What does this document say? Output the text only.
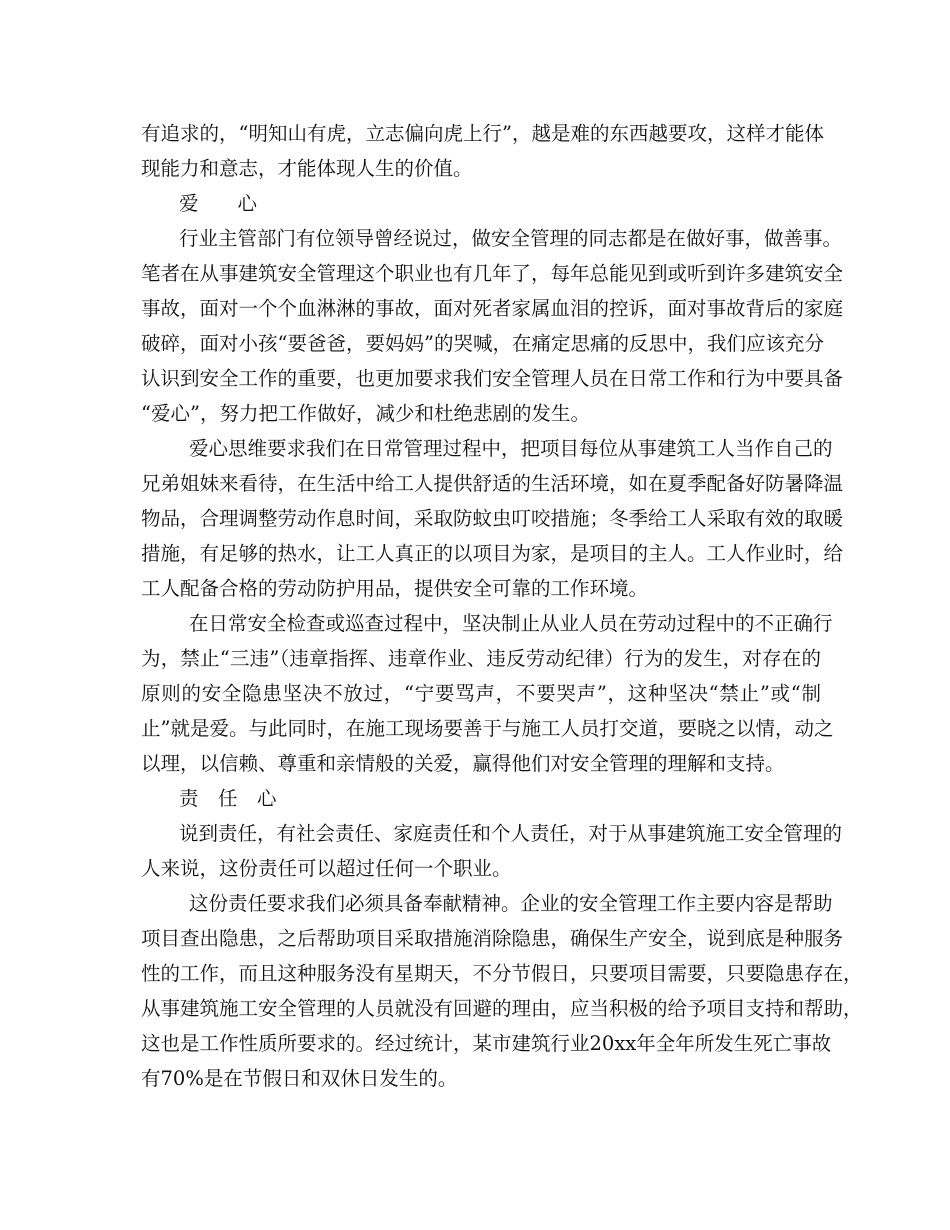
有追求的，“明知山有虎，立志偏向虎上行”，越是难的东西越要攻，这样才能体
现能力和意志，才能体现人生的价值。
爱　　心
行业主管部门有位领导曾经说过，做安全管理的同志都是在做好事，做善事。
笔者在从事建筑安全管理这个职业也有几年了，每年总能见到或听到许多建筑安全
事故，面对一个个血淋淋的事故，面对死者家属血泪的控诉，面对事故背后的家庭
破碎，面对小孩“要爸爸，要妈妈”的哭喊，在痛定思痛的反思中，我们应该充分
认识到安全工作的重要，也更加要求我们安全管理人员在日常工作和行为中要具备
“爱心”，努力把工作做好，减少和杜绝悲剧的发生。
爱心思维要求我们在日常管理过程中，把项目每位从事建筑工人当作自己的
兄弟姐妹来看待，在生活中给工人提供舒适的生活环境，如在夏季配备好防暑降温
物品，合理调整劳动作息时间，采取防蚊虫叮咬措施；冬季给工人采取有效的取暖
措施，有足够的热水，让工人真正的以项目为家，是项目的主人。工人作业时，给
工人配备合格的劳动防护用品，提供安全可靠的工作环境。
在日常安全检查或巡查过程中，坚决制止从业人员在劳动过程中的不正确行
为，禁止“三违”（违章指挥、违章作业、违反劳动纪律）行为的发生，对存在的
原则的安全隐患坚决不放过，“宁要骂声，不要哭声”，这种坚决“禁止”或“制
止”就是爱。与此同时，在施工现场要善于与施工人员打交道，要晓之以情，动之
以理，以信赖、尊重和亲情般的关爱，赢得他们对安全管理的理解和支持。
责　任　心
说到责任，有社会责任、家庭责任和个人责任，对于从事建筑施工安全管理的
人来说，这份责任可以超过任何一个职业。
这份责任要求我们必须具备奉献精神。企业的安全管理工作主要内容是帮助
项目查出隐患，之后帮助项目采取措施消除隐患，确保生产安全，说到底是种服务
性的工作，而且这种服务没有星期天，不分节假日，只要项目需要，只要隐患存在，
从事建筑施工安全管理的人员就没有回避的理由，应当积极的给予项目支持和帮助，
这也是工作性质所要求的。经过统计，某市建筑行业20xx年全年所发生死亡事故
有70%是在节假日和双休日发生的。
